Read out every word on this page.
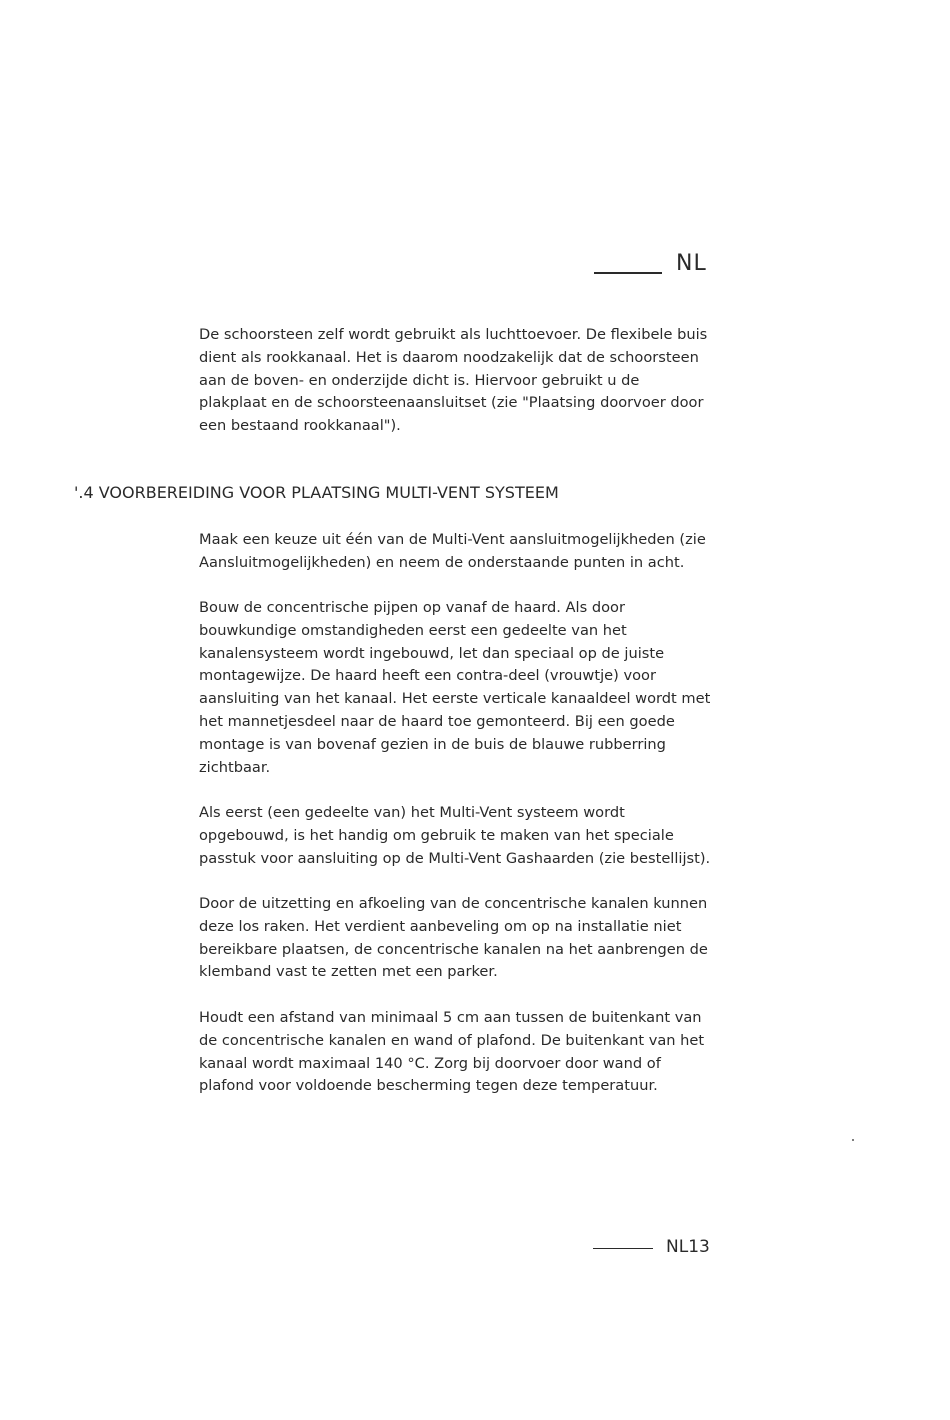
NL

De schoorsteen zelf wordt gebruikt als luchttoevoer. De flexibele buis
dient als rookkanaal. Het is daarom noodzakelijk dat de schoorsteen
aan de boven- en onderzijde dicht is. Hiervoor gebruikt u de
plakplaat en de schoorsteenaansluitset (zie "Plaatsing doorvoer door
een bestaand rookkanaal").

'.4 VOORBEREIDING VOOR PLAATSING MULTI-VENT SYSTEEM

Maak een keuze uit één van de Multi-Vent aansluitmogelijkheden (zie
Aansluitmogelijkheden) en neem de onderstaande punten in acht.

Bouw de concentrische pijpen op vanaf de haard. Als door
bouwkundige omstandigheden eerst een gedeelte van het
kanalensysteem wordt ingebouwd, let dan speciaal op de juiste
montagewijze. De haard heeft een contra-deel (vrouwtje) voor
aansluiting van het kanaal. Het eerste verticale kanaaldeel wordt met
het mannetjesdeel naar de haard toe gemonteerd. Bij een goede
montage is van bovenaf gezien in de buis de blauwe rubberring
zichtbaar.

Als eerst (een gedeelte van) het Multi-Vent systeem wordt
opgebouwd, is het handig om gebruik te maken van het speciale
passtuk voor aansluiting op de Multi-Vent Gashaarden (zie bestellijst).

Door de uitzetting en afkoeling van de concentrische kanalen kunnen
deze los raken. Het verdient aanbeveling om op na installatie niet
bereikbare plaatsen, de concentrische kanalen na het aanbrengen de
klemband vast te zetten met een parker.

Houdt een afstand van minimaal 5 cm aan tussen de buitenkant van
de concentrische kanalen en wand of plafond. De buitenkant van het
kanaal wordt maximaal 140 °C. Zorg bij doorvoer door wand of
plafond voor voldoende bescherming tegen deze temperatuur.

NL13
